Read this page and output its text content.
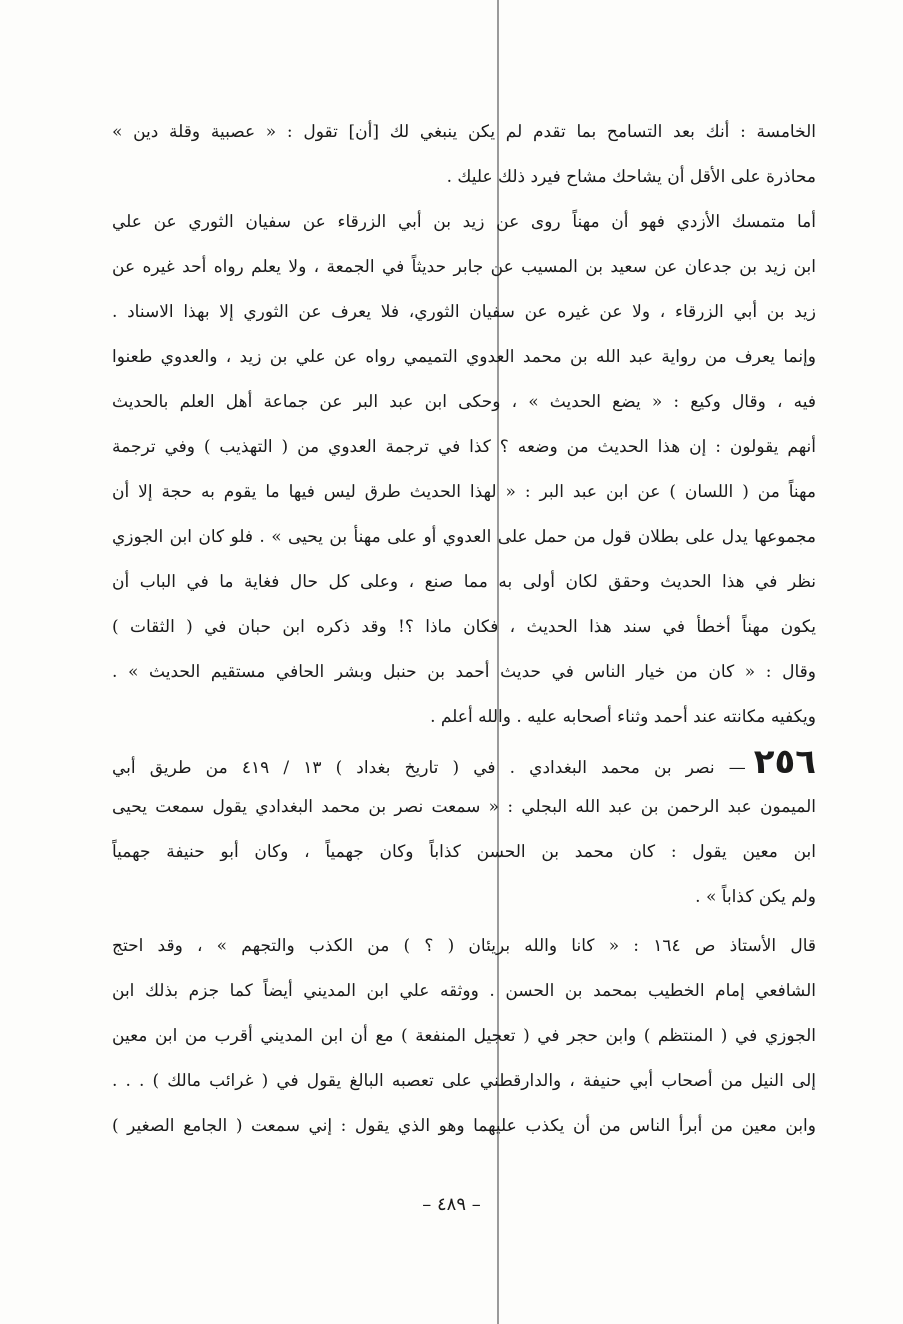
الخامسة : أنك بعد التسامح بما تقدم لم يكن ينبغي لك [أن] تقول : « عصبية وقلة دين »
محاذرة على الأقل أن يشاحك مشاح فيرد ذلك عليك .
أما متمسك الأزدي فهو أن مهناً روى عن زيد بن أبي الزرقاء عن سفيان الثوري عن علي
ابن زيد بن جدعان عن سعيد بن المسيب عن جابر حديثاً في الجمعة ، ولا يعلم رواه أحد غيره عن
زيد بن أبي الزرقاء ، ولا عن غيره عن سفيان الثوري، فلا يعرف عن الثوري إلا بهذا الاسناد .
وإنما يعرف من رواية عبد الله بن محمد العدوي التميمي رواه عن علي بن زيد ، والعدوي طعنوا
فيه ، وقال وكيع : « يضع الحديث » ، وحكى ابن عبد البر عن جماعة أهل العلم بالحديث
أنهم يقولون : إن هذا الحديث من وضعه ؟ كذا في ترجمة العدوي من ( التهذيب ) وفي ترجمة
مهناً من ( اللسان ) عن ابن عبد البر : « لهذا الحديث طرق ليس فيها ما يقوم به حجة إلا أن
مجموعها يدل على بطلان قول من حمل على العدوي أو على مهنأ بن يحيى » . فلو كان ابن الجوزي
نظر في هذا الحديث وحقق لكان أولى به مما صنع ، وعلى كل حال فغاية ما في الباب أن
يكون مهناً أخطأ في سند هذا الحديث ، فكان ماذا ؟! وقد ذكره ابن حبان في ( الثقات )
وقال : « كان من خيار الناس في حديث أحمد بن حنبل وبشر الحافي مستقيم الحديث » .
ويكفيه مكانته عند أحمد وثناء أصحابه عليه . والله أعلم .
٢٥٦— نصر بن محمد البغدادي . في ( تاريخ بغداد ) ١٣ / ٤١٩ من طريق أبي
الميمون عبد الرحمن بن عبد الله البجلي : « سمعت نصر بن محمد البغدادي يقول سمعت يحيى
ابن معين يقول : كان محمد بن الحسن كذاباً وكان جهمياً ، وكان أبو حنيفة جهمياً
ولم يكن كذاباً » .
قال الأستاذ ص ١٦٤ : « كانا والله بريئان ( ؟ ) من الكذب والتجهم » ، وقد احتج
الشافعي إمام الخطيب بمحمد بن الحسن . ووثقه علي ابن المديني أيضاً كما جزم بذلك ابن
الجوزي في ( المنتظم ) وابن حجر في ( تعجيل المنفعة ) مع أن ابن المديني أقرب من ابن معين
إلى النيل من أصحاب أبي حنيفة ، والدارقطني على تعصبه البالغ يقول في ( غرائب مالك ) . . .
وابن معين من أبرأ الناس من أن يكذب عليهما وهو الذي يقول : إني سمعت ( الجامع الصغير )
– ٤٨٩ –
